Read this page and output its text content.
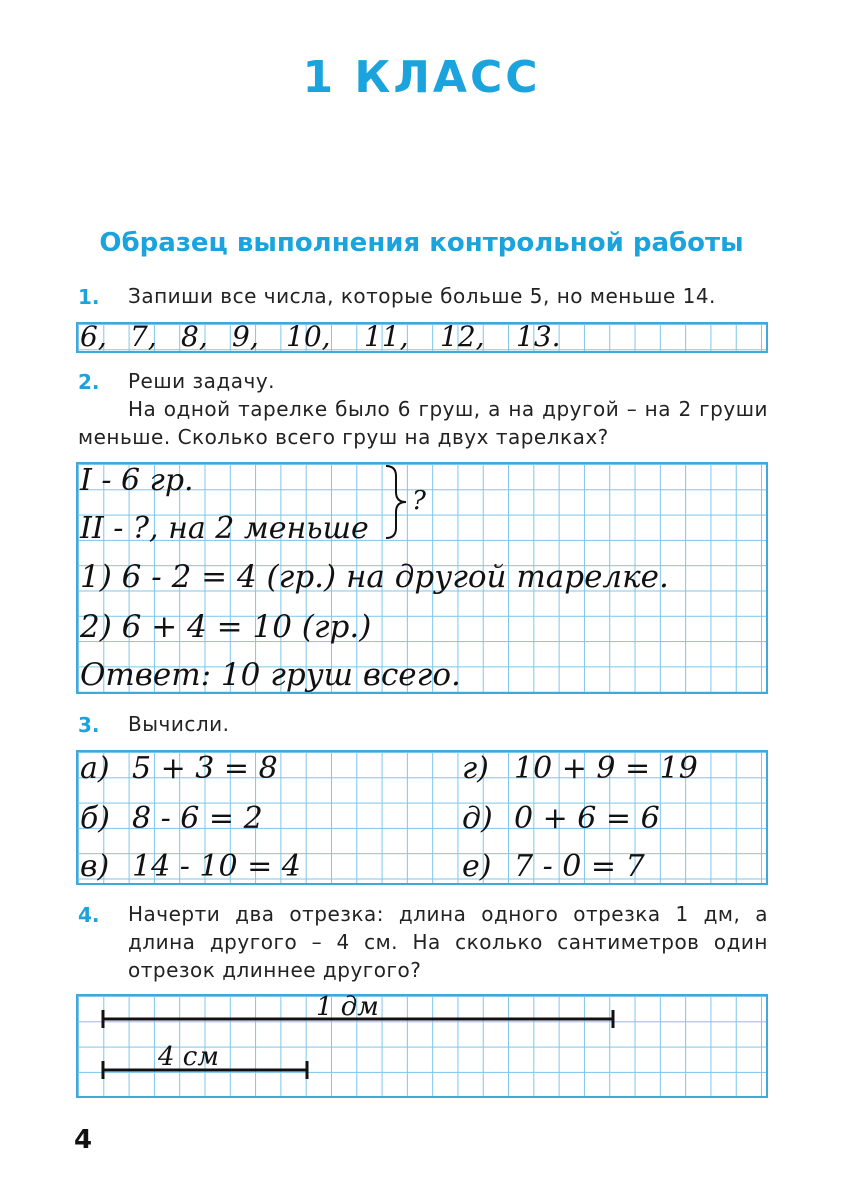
1 КЛАСС
Образец выполнения контрольной работы
1. Запиши все числа, которые больше 5, но меньше 14.
6, 7, 8, 9, 10, 11, 12, 13.
2. Реши задачу.
На одной тарелке было 6 груш, а на другой – на 2 груши меньше. Сколько всего груш на двух тарелках?
I - 6 гр.
II - ?, на 2 меньше
?
1) 6 - 2 = 4 (гр.) на другой тарелке.
2) 6 + 4 = 10 (гр.)
Ответ: 10 груш всего.
3. Вычисли.
а) 5 + 3 = 8
б) 8 - 6 = 2
в) 14 - 10 = 4
г) 10 + 9 = 19
д) 0 + 6 = 6
е) 7 - 0 = 7
4. Начерти два отрезка: длина одного отрезка 1 дм, а длина другого – 4 см. На сколько сантиметров один отрезок длиннее другого?
1 дм
4 см
4
